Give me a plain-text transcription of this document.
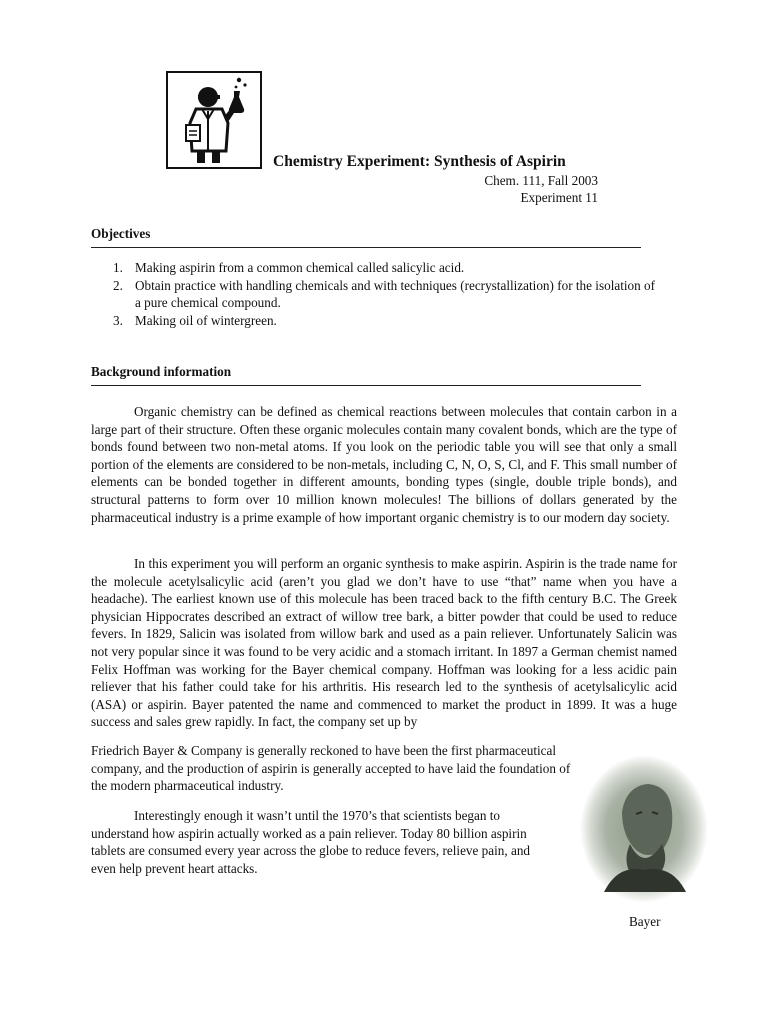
Chemistry Experiment: Synthesis of Aspirin
Chem. 111, Fall 2003
Experiment 11
Objectives
1. Making aspirin from a common chemical called salicylic acid.
2. Obtain practice with handling chemicals and with techniques (recrystallization) for the isolation of a pure chemical compound.
3. Making oil of wintergreen.
Background information
Organic chemistry can be defined as chemical reactions between molecules that contain carbon in a large part of their structure. Often these organic molecules contain many covalent bonds, which are the type of bonds found between two non-metal atoms. If you look on the periodic table you will see that only a small portion of the elements are considered to be non-metals, including C, N, O, S, Cl, and F. This small number of elements can be bonded together in different amounts, bonding types (single, double triple bonds), and structural patterns to form over 10 million known molecules! The billions of dollars generated by the pharmaceutical industry is a prime example of how important organic chemistry is to our modern day society.
In this experiment you will perform an organic synthesis to make aspirin. Aspirin is the trade name for the molecule acetylsalicylic acid (aren’t you glad we don’t have to use “that” name when you have a headache). The earliest known use of this molecule has been traced back to the fifth century B.C. The Greek physician Hippocrates described an extract of willow tree bark, a bitter powder that could be used to reduce fevers. In 1829, Salicin was isolated from willow bark and used as a pain reliever. Unfortunately Salicin was not very popular since it was found to be very acidic and a stomach irritant. In 1897 a German chemist named Felix Hoffman was working for the Bayer chemical company. Hoffman was looking for a less acidic pain reliever that his father could take for his arthritis. His research led to the synthesis of acetylsalicylic acid (ASA) or aspirin. Bayer patented the name and commenced to market the product in 1899. It was a huge success and sales grew rapidly. In fact, the company set up by
Friedrich Bayer & Company is generally reckoned to have been the first pharmaceutical company, and the production of aspirin is generally accepted to have laid the foundation of the modern pharmaceutical industry.
Interestingly enough it wasn’t until the 1970’s that scientists began to understand how aspirin actually worked as a pain reliever. Today 80 billion aspirin tablets are consumed every year across the globe to reduce fevers, relieve pain, and even help prevent heart attacks.
Bayer
